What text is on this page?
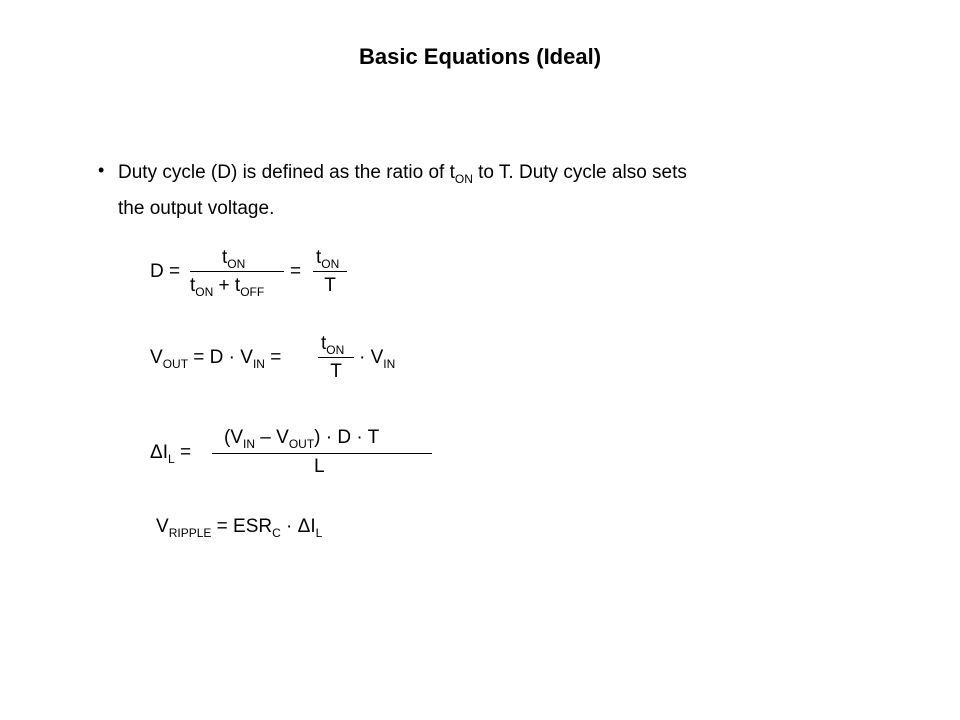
Basic Equations (Ideal)
• Duty cycle (D) is defined as the ratio of $t_{ON}$ to T. Duty cycle also sets
the output voltage.
D =
$t_{ON}$
$t_{ON} + t_{OFF}$
=
$t_{ON}$
T
$V_{OUT} = D \cdot V_{IN}$ =
$t_{ON}$
T
· $V_{IN}$
$\Delta I_L$ =
$(V_{IN} - V_{OUT}) \cdot D \cdot T$
L
$V_{RIPPLE} = ESR_C \cdot \Delta I_L$
